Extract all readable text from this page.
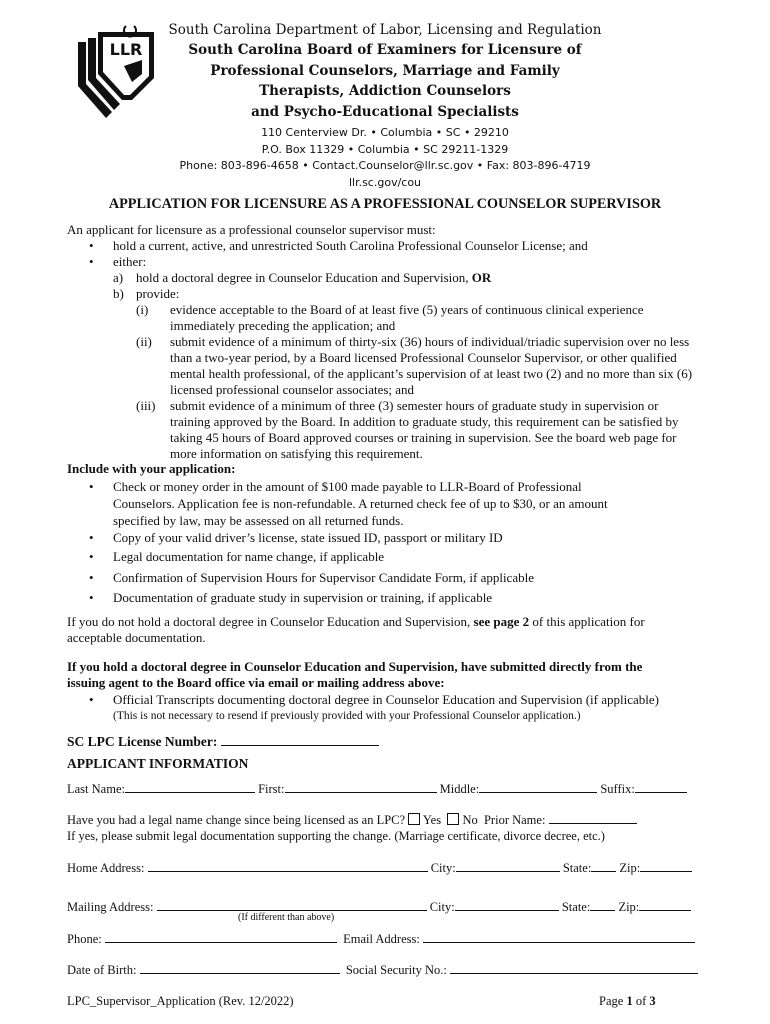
LLR
South Carolina Department of Labor, Licensing and Regulation
South Carolina Board of Examiners for Licensure of
Professional Counselors, Marriage and Family
Therapists, Addiction Counselors
and Psycho-Educational Specialists
110 Centerview Dr. • Columbia • SC • 29210
P.O. Box 11329 • Columbia • SC 29211-1329
Phone: 803-896-4658 • Contact.Counselor@llr.sc.gov • Fax: 803-896-4719
llr.sc.gov/cou
APPLICATION FOR LICENSURE AS A PROFESSIONAL COUNSELOR SUPERVISOR
An applicant for licensure as a professional counselor supervisor must:
• hold a current, active, and unrestricted South Carolina Professional Counselor License; and
• either:
a) hold a doctoral degree in Counselor Education and Supervision, OR
b) provide:
(i) evidence acceptable to the Board of at least five (5) years of continuous clinical experience
immediately preceding the application; and
(ii) submit evidence of a minimum of thirty-six (36) hours of individual/triadic supervision over no less
than a two-year period, by a Board licensed Professional Counselor Supervisor, or other qualified
mental health professional, of the applicant’s supervision of at least two (2) and no more than six (6)
licensed professional counselor associates; and
(iii) submit evidence of a minimum of three (3) semester hours of graduate study in supervision or
training approved by the Board. In addition to graduate study, this requirement can be satisfied by
taking 45 hours of Board approved courses or training in supervision. See the board web page for
more information on satisfying this requirement.
Include with your application:
• Check or money order in the amount of $100 made payable to LLR-Board of Professional
Counselors. Application fee is non-refundable. A returned check fee of up to $30, or an amount
specified by law, may be assessed on all returned funds.
• Copy of your valid driver’s license, state issued ID, passport or military ID
• Legal documentation for name change, if applicable
• Confirmation of Supervision Hours for Supervisor Candidate Form, if applicable
• Documentation of graduate study in supervision or training, if applicable
If you do not hold a doctoral degree in Counselor Education and Supervision, see page 2 of this application for
acceptable documentation.
If you hold a doctoral degree in Counselor Education and Supervision, have submitted directly from the
issuing agent to the Board office via email or mailing address above:
• Official Transcripts documenting doctoral degree in Counselor Education and Supervision (if applicable)
(This is not necessary to resend if previously provided with your Professional Counselor application.)
SC LPC License Number:
APPLICANT INFORMATION
Last Name:	First:	Middle:	Suffix:
Have you had a legal name change since being licensed as an LPC? Yes No Prior Name:
If yes, please submit legal documentation supporting the change. (Marriage certificate, divorce decree, etc.)
Home Address:	City:	State: Zip:
Mailing Address:	City:	State: Zip:
(If different than above)
Phone:	Email Address:
Date of Birth:	Social Security No.:
LPC_Supervisor_Application (Rev. 12/2022)	Page 1 of 3
